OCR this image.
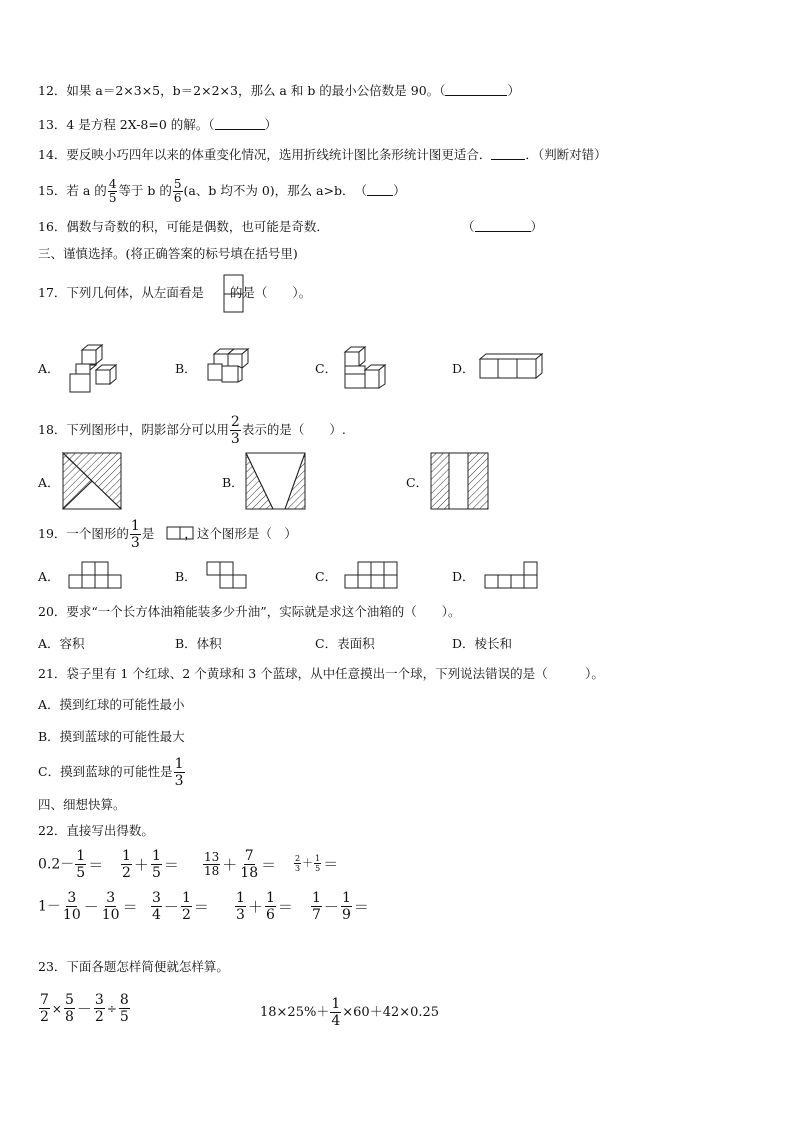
12．如果 a＝2×3×5，b＝2×2×3，那么 a 和 b 的最小公倍数是 90。（	）
13．4 是方程 2X-8=0 的解。（	）
14．要反映小巧四年以来的体重变化情况，选用折线统计图比条形统计图更适合．	．（判断对错）
15．若 a 的 $\frac{4}{5}$ 等于 b 的 $\frac{5}{6} (a$、b 均不为 0)，那么 a>b．　（ ）
16．偶数与奇数的积，可能是偶数，也可能是奇数．	（	）
三、谨慎选择。(将正确答案的标号填在括号里)
17．下列几何体，从左面看是 的是（　　）。
A．	B．	C．	D．
18．下列图形中，阴影部分可以用 $\frac{2}{3}$ 表示的是（　　）.
A．	B．	C．
19．一个图形的 $\frac{1}{3}$ 是 ，这个图形是（　）
A．	B．	C．	D．
20．要求“一个长方体油箱能装多少升油”，实际就是求这个油箱的（　　）。
A．容积	B．体积	C．表面积	D．棱长和
21．袋子里有 1 个红球、2 个黄球和 3 个蓝球，从中任意摸出一个球，下列说法错误的是（　　　）。
A．摸到红球的可能性最小
B．摸到蓝球的可能性最大
C．摸到蓝球的可能性是 $\frac{1}{3}$
四、细想快算。
22．直接写出得数。
$0.2- \frac{1}{5} = \frac{1}{2} + \frac{1}{5} = \frac{13}{18} + \frac{7}{18} = \frac{2}{3} + \frac{1}{5}$ ＝
$1- \frac{3}{10} - \frac{3}{10} = \frac{3}{4} - \frac{1}{2} = \frac{1}{3} + \frac{1}{6} = \frac{1}{7} - \frac{1}{9}$ ＝
23．下面各题怎样简便就怎样算。
$\frac{7}{2} \times \frac{5}{8} - \frac{3}{2} \div \frac{8}{5}$	$18\times 25\%+ \frac{1}{4} \times 60+42\times 0.25$
